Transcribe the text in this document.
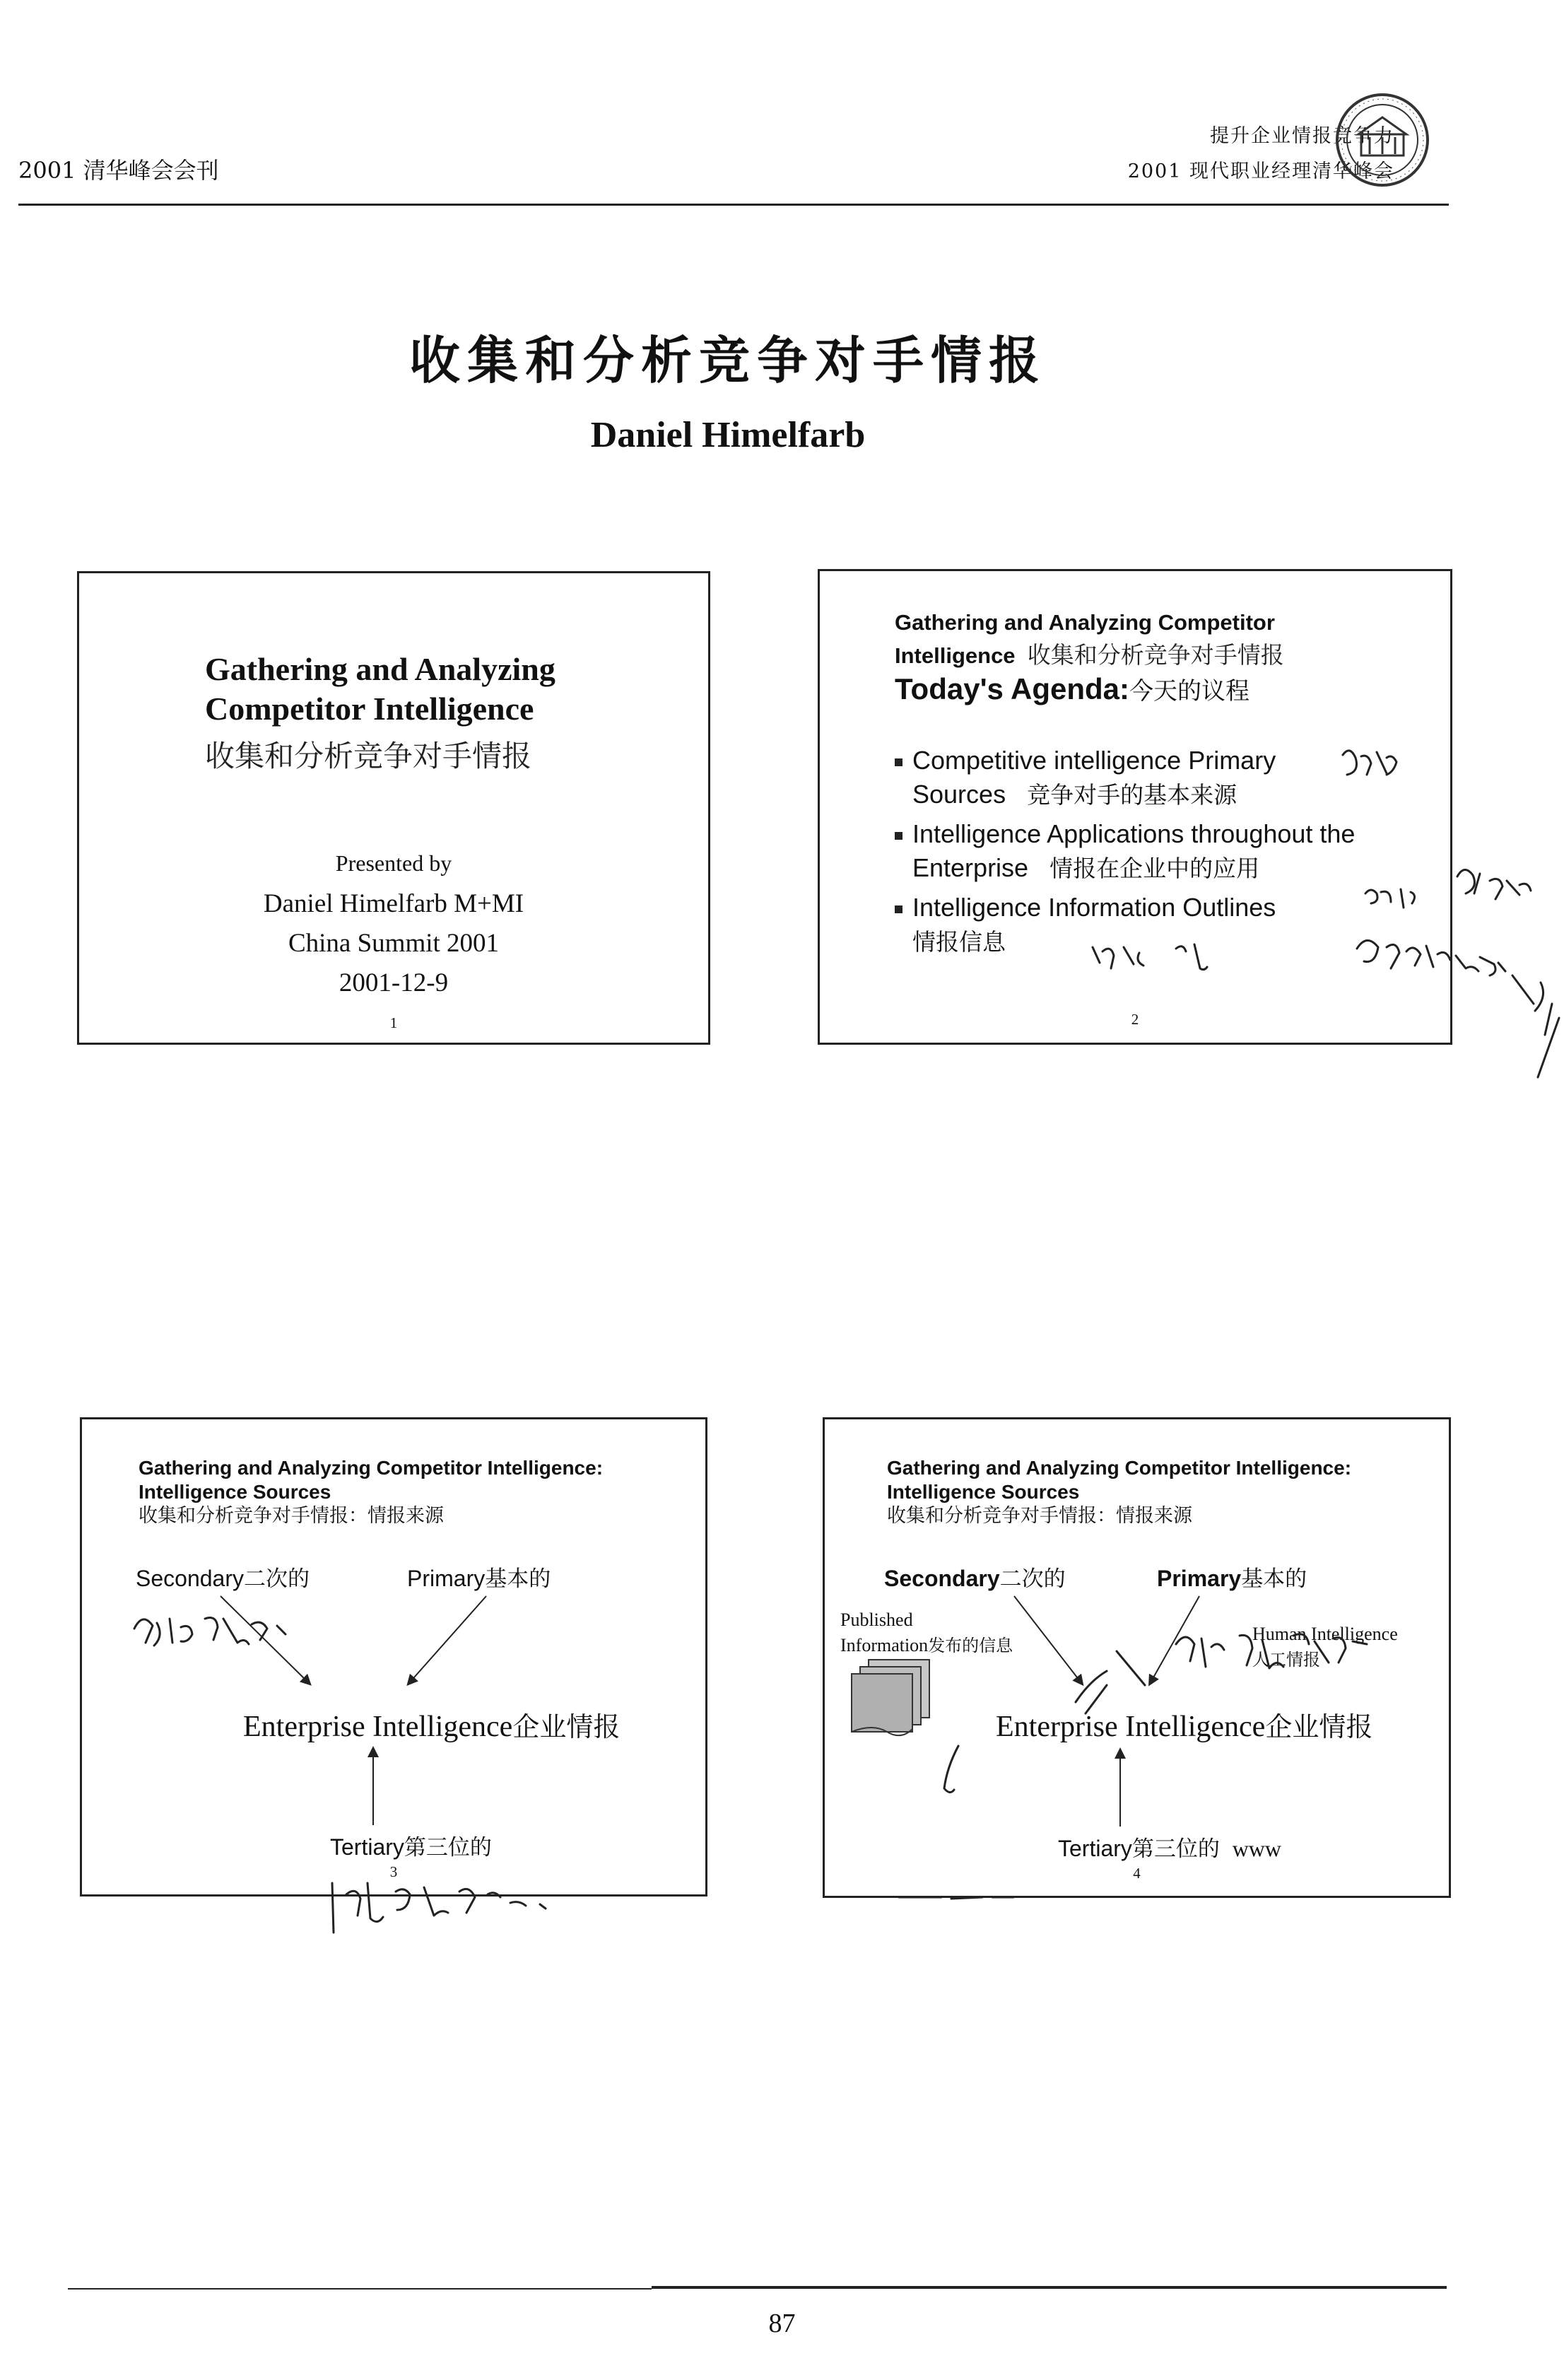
2001 清华峰会会刊
提升企业情报竞争力
2001 现代职业经理清华峰会
收集和分析竞争对手情报
Daniel Himelfarb
Gathering and Analyzing
Competitor Intelligence
收集和分析竞争对手情报
Presented by
Daniel Himelfarb M+MI
China Summit 2001
2001-12-9
1
Gathering and Analyzing Competitor
Intelligence 收集和分析竞争对手情报
Today's Agenda:今天的议程
Competitive intelligence Primary
Sources 竞争对手的基本来源
Intelligence Applications throughout the
Enterprise 情报在企业中的应用
Intelligence Information Outlines
情报信息
2
Gathering and Analyzing Competitor Intelligence:
Intelligence Sources
收集和分析竞争对手情报：情报来源
Secondary二次的	Primary基本的
Enterprise Intelligence企业情报
Tertiary第三位的
3
Gathering and Analyzing Competitor Intelligence:
Intelligence Sources
收集和分析竞争对手情报：情报来源
Secondary二次的	Primary基本的
Published
Information发布的信息
Human Intelligence
人工情报
Enterprise Intelligence企业情报
Tertiary第三位的 www
4
87
